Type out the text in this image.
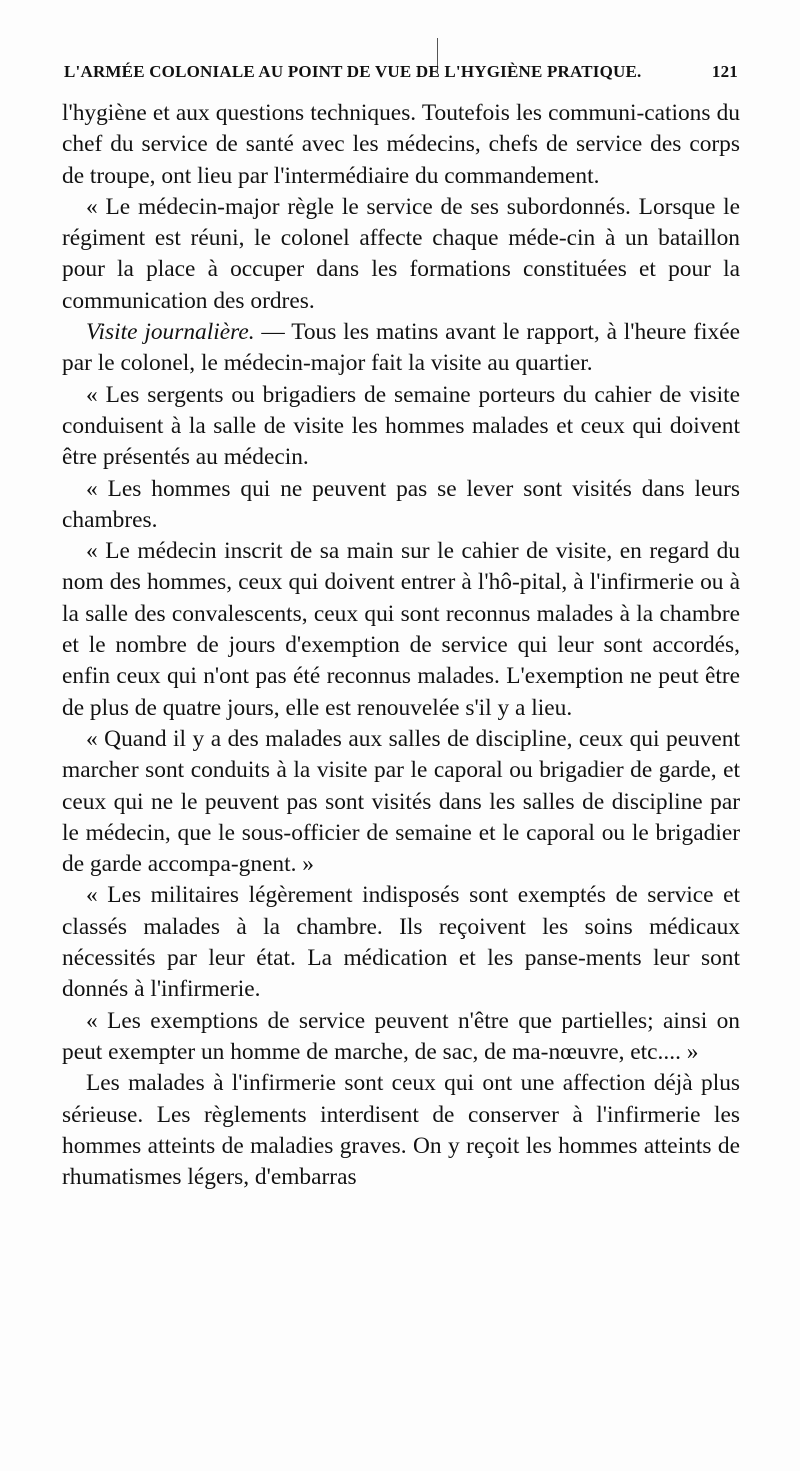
L'ARMÉE COLONIALE AU POINT DE VUE DE L'HYGIÈNE PRATIQUE.	121

l'hygiène et aux questions techniques. Toutefois les communi-cations du chef du service de santé avec les médecins, chefs de service des corps de troupe, ont lieu par l'intermédiaire du commandement.

« Le médecin-major règle le service de ses subordonnés. Lorsque le régiment est réuni, le colonel affecte chaque méde-cin à un bataillon pour la place à occuper dans les formations constituées et pour la communication des ordres.

Visite journalière. — Tous les matins avant le rapport, à l'heure fixée par le colonel, le médecin-major fait la visite au quartier.

« Les sergents ou brigadiers de semaine porteurs du cahier de visite conduisent à la salle de visite les hommes malades et ceux qui doivent être présentés au médecin.

« Les hommes qui ne peuvent pas se lever sont visités dans leurs chambres.

« Le médecin inscrit de sa main sur le cahier de visite, en regard du nom des hommes, ceux qui doivent entrer à l'hô-pital, à l'infirmerie ou à la salle des convalescents, ceux qui sont reconnus malades à la chambre et le nombre de jours d'exemption de service qui leur sont accordés, enfin ceux qui n'ont pas été reconnus malades. L'exemption ne peut être de plus de quatre jours, elle est renouvelée s'il y a lieu.

« Quand il y a des malades aux salles de discipline, ceux qui peuvent marcher sont conduits à la visite par le caporal ou brigadier de garde, et ceux qui ne le peuvent pas sont visités dans les salles de discipline par le médecin, que le sous-officier de semaine et le caporal ou le brigadier de garde accompa-gnent. »

« Les militaires légèrement indisposés sont exemptés de service et classés malades à la chambre. Ils reçoivent les soins médicaux nécessités par leur état. La médication et les panse-ments leur sont donnés à l'infirmerie.

« Les exemptions de service peuvent n'être que partielles; ainsi on peut exempter un homme de marche, de sac, de ma-nœuvre, etc.... »

Les malades à l'infirmerie sont ceux qui ont une affection déjà plus sérieuse. Les règlements interdisent de conserver à l'infirmerie les hommes atteints de maladies graves. On y reçoit les hommes atteints de rhumatismes légers, d'embarras
